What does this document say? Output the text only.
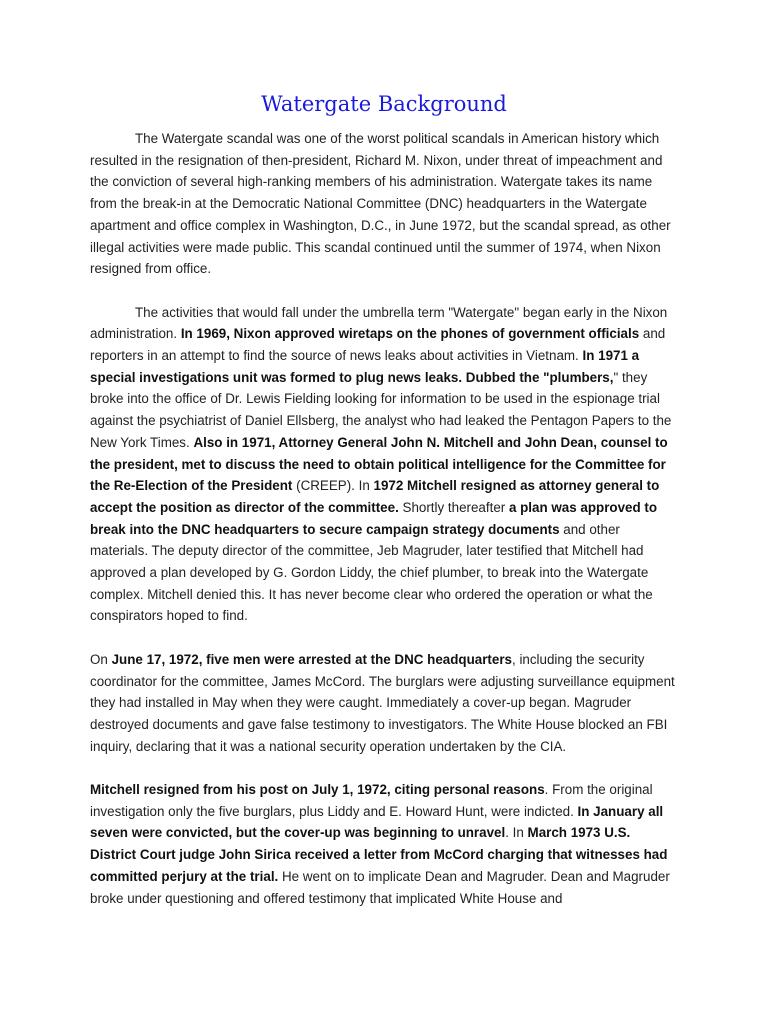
Watergate Background

The Watergate scandal was one of the worst political scandals in American history which resulted in the resignation of then-president, Richard M. Nixon, under threat of impeachment and the conviction of several high-ranking members of his administration. Watergate takes its name from the break-in at the Democratic National Committee (DNC) headquarters in the Watergate apartment and office complex in Washington, D.C., in June 1972, but the scandal spread, as other illegal activities were made public. This scandal continued until the summer of 1974, when Nixon resigned from office.

The activities that would fall under the umbrella term "Watergate" began early in the Nixon administration. In 1969, Nixon approved wiretaps on the phones of government officials and reporters in an attempt to find the source of news leaks about activities in Vietnam. In 1971 a special investigations unit was formed to plug news leaks. Dubbed the "plumbers," they broke into the office of Dr. Lewis Fielding looking for information to be used in the espionage trial against the psychiatrist of Daniel Ellsberg, the analyst who had leaked the Pentagon Papers to the New York Times. Also in 1971, Attorney General John N. Mitchell and John Dean, counsel to the president, met to discuss the need to obtain political intelligence for the Committee for the Re-Election of the President (CREEP). In 1972 Mitchell resigned as attorney general to accept the position as director of the committee. Shortly thereafter a plan was approved to break into the DNC headquarters to secure campaign strategy documents and other materials. The deputy director of the committee, Jeb Magruder, later testified that Mitchell had approved a plan developed by G. Gordon Liddy, the chief plumber, to break into the Watergate complex. Mitchell denied this. It has never become clear who ordered the operation or what the conspirators hoped to find.

On June 17, 1972, five men were arrested at the DNC headquarters, including the security coordinator for the committee, James McCord. The burglars were adjusting surveillance equipment they had installed in May when they were caught. Immediately a cover-up began. Magruder destroyed documents and gave false testimony to investigators. The White House blocked an FBI inquiry, declaring that it was a national security operation undertaken by the CIA.

Mitchell resigned from his post on July 1, 1972, citing personal reasons. From the original investigation only the five burglars, plus Liddy and E. Howard Hunt, were indicted. In January all seven were convicted, but the cover-up was beginning to unravel. In March 1973 U.S. District Court judge John Sirica received a letter from McCord charging that witnesses had committed perjury at the trial. He went on to implicate Dean and Magruder. Dean and Magruder broke under questioning and offered testimony that implicated White House and
